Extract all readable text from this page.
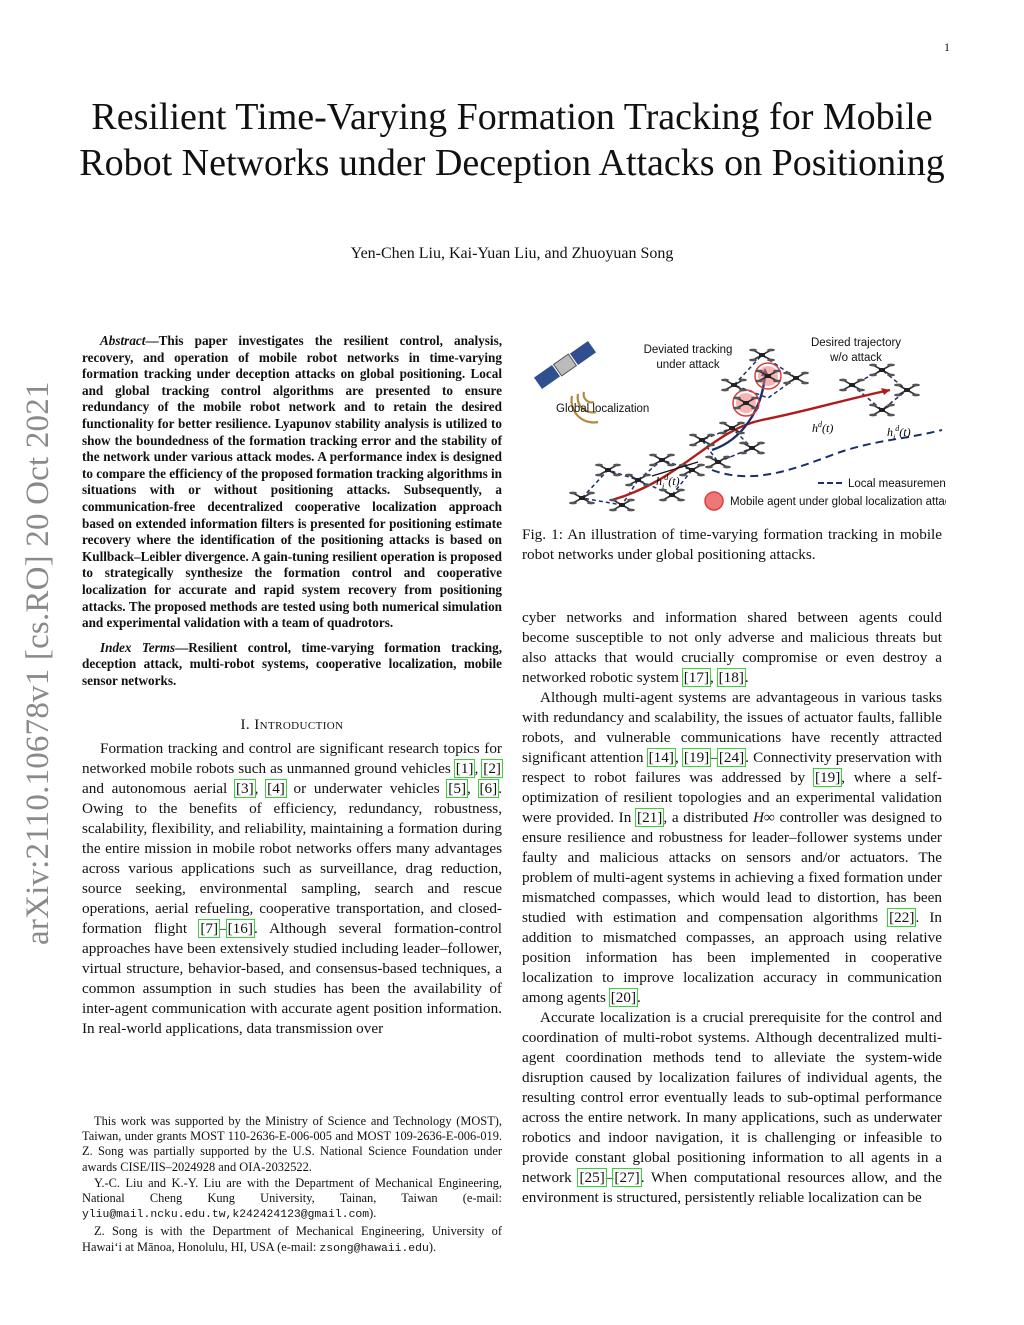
1
arXiv:2110.10678v1 [cs.RO] 20 Oct 2021
Resilient Time-Varying Formation Tracking for Mobile Robot Networks under Deception Attacks on Positioning
Yen-Chen Liu, Kai-Yuan Liu, and Zhuoyuan Song

Abstract—This paper investigates the resilient control, analysis, recovery, and operation of mobile robot networks in time-varying formation tracking under deception attacks on global positioning. Local and global tracking control algorithms are presented to ensure redundancy of the mobile robot network and to retain the desired functionality for better resilience. Lyapunov stability analysis is utilized to show the boundedness of the formation tracking error and the stability of the network under various attack modes. A performance index is designed to compare the efficiency of the proposed formation tracking algorithms in situations with or without positioning attacks. Subsequently, a communication-free decentralized cooperative localization approach based on extended information filters is presented for positioning estimate recovery where the identification of the positioning attacks is based on Kullback–Leibler divergence. A gain-tuning resilient operation is proposed to strategically synthesize the formation control and cooperative localization for accurate and rapid system recovery from positioning attacks. The proposed methods are tested using both numerical simulation and experimental validation with a team of quadrotors.

Index Terms—Resilient control, time-varying formation tracking, deception attack, multi-robot systems, cooperative localization, mobile sensor networks.

I. Introduction

Formation tracking and control are significant research topics for networked mobile robots such as unmanned ground vehicles [1], [2] and autonomous aerial [3], [4] or underwater vehicles [5], [6]. Owing to the benefits of efficiency, redundancy, robustness, scalability, flexibility, and reliability, maintaining a formation during the entire mission in mobile robot networks offers many advantages across various applications such as surveillance, drag reduction, source seeking, environmental sampling, search and rescue operations, aerial refueling, cooperative transportation, and closed-formation flight [7]–[16]. Although several formation-control approaches have been extensively studied including leader–follower, virtual structure, behavior-based, and consensus-based techniques, a common assumption in such studies has been the availability of inter-agent communication with accurate agent position information. In real-world applications, data transmission over

This work was supported by the Ministry of Science and Technology (MOST), Taiwan, under grants MOST 110-2636-E-006-005 and MOST 109-2636-E-006-019. Z. Song was partially supported by the U.S. National Science Foundation under awards CISE/IIS–2024928 and OIA-2032522.

Y.-C. Liu and K.-Y. Liu are with the Department of Mechanical Engineering, National Cheng Kung University, Tainan, Taiwan (e-mail: yliu@mail.ncku.edu.tw,k242424123@gmail.com).

Z. Song is with the Department of Mechanical Engineering, University of Hawai‘i at Mānoa, Honolulu, HI, USA (e-mail: zsong@hawaii.edu).

Deviated tracking
under attack
Desired trajectory
w/o attack
Global localization
$h_i^d(t)$
$h^d(t)$	$h_i^d(t)$
Local measurement
Mobile agent under global localization attack

Fig. 1: An illustration of time-varying formation tracking in mobile robot networks under global positioning attacks.

cyber networks and information shared between agents could become susceptible to not only adverse and malicious threats but also attacks that would crucially compromise or even destroy a networked robotic system [17], [18].

Although multi-agent systems are advantageous in various tasks with redundancy and scalability, the issues of actuator faults, fallible robots, and vulnerable communications have recently attracted significant attention [14], [19]–[24]. Connectivity preservation with respect to robot failures was addressed by [19], where a self-optimization of resilient topologies and an experimental validation were provided. In [21], a distributed H∞ controller was designed to ensure resilience and robustness for leader–follower systems under faulty and malicious attacks on sensors and/or actuators. The problem of multi-agent systems in achieving a fixed formation under mismatched compasses, which would lead to distortion, has been studied with estimation and compensation algorithms [22]. In addition to mismatched compasses, an approach using relative position information has been implemented in cooperative localization to improve localization accuracy in communication among agents [20].

Accurate localization is a crucial prerequisite for the control and coordination of multi-robot systems. Although decentralized multi-agent coordination methods tend to alleviate the system-wide disruption caused by localization failures of individual agents, the resulting control error eventually leads to sub-optimal performance across the entire network. In many applications, such as underwater robotics and indoor navigation, it is challenging or infeasible to provide constant global positioning information to all agents in a network [25]–[27]. When computational resources allow, and the environment is structured, persistently reliable localization can be
